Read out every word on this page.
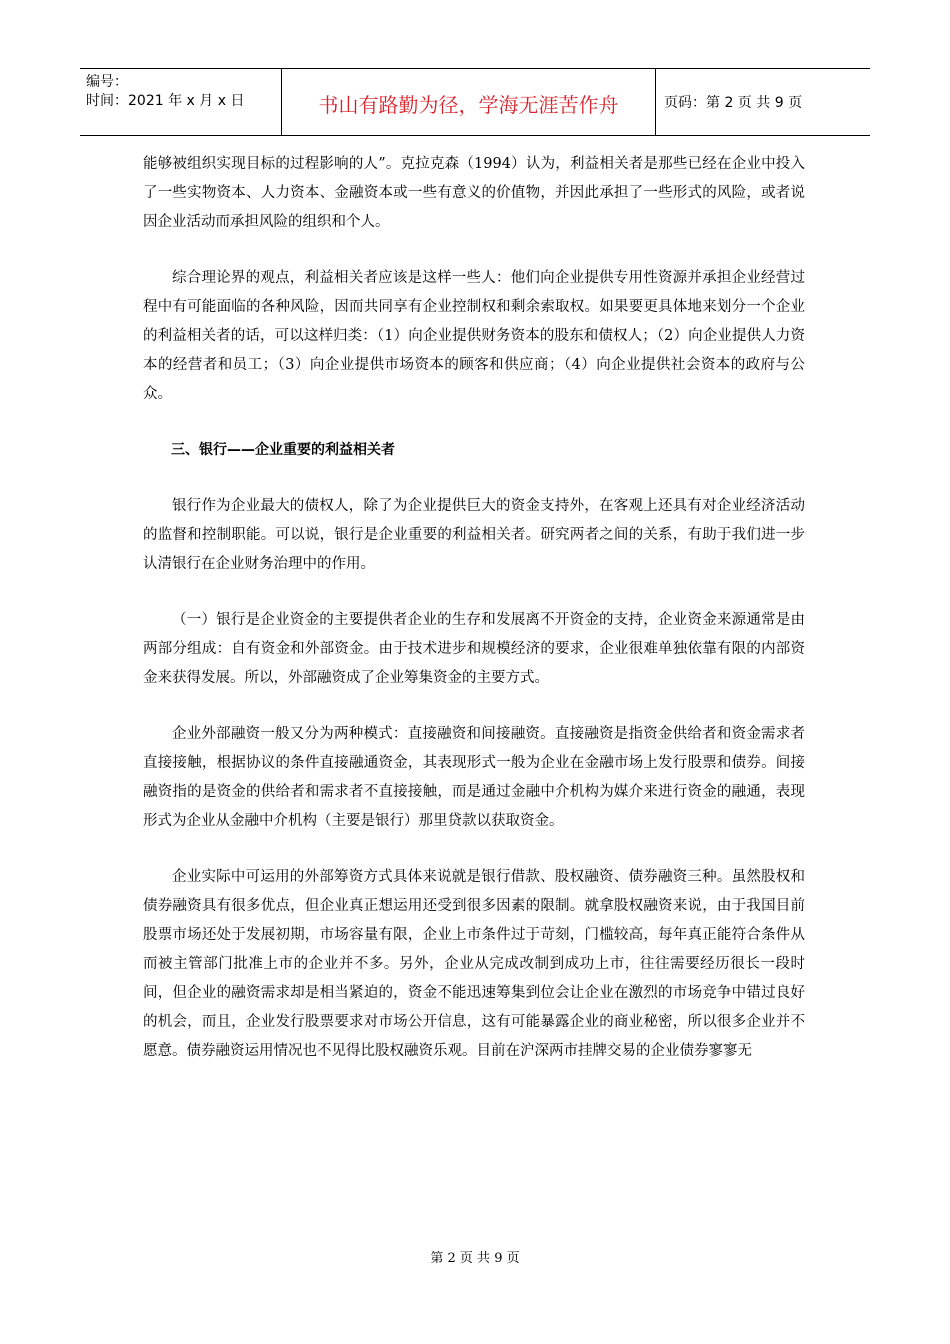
编号：
时间：2021 年 x 月 x 日	书山有路勤为径，学海无涯苦作舟	页码：第 2 页 共 9 页

能够被组织实现目标的过程影响的人”。克拉克森（1994）认为，利益相关者是那些已经在企业中投入了一些实物资本、人力资本、金融资本或一些有意义的价值物，并因此承担了一些形式的风险，或者说因企业活动而承担风险的组织和个人。

综合理论界的观点，利益相关者应该是这样一些人：他们向企业提供专用性资源并承担企业经营过程中有可能面临的各种风险，因而共同享有企业控制权和剩余索取权。如果要更具体地来划分一个企业的利益相关者的话，可以这样归类：（1）向企业提供财务资本的股东和债权人；（2）向企业提供人力资本的经营者和员工；（3）向企业提供市场资本的顾客和供应商；（4）向企业提供社会资本的政府与公众。

三、银行——企业重要的利益相关者

银行作为企业最大的债权人，除了为企业提供巨大的资金支持外，在客观上还具有对企业经济活动的监督和控制职能。可以说，银行是企业重要的利益相关者。研究两者之间的关系，有助于我们进一步认清银行在企业财务治理中的作用。

（一）银行是企业资金的主要提供者企业的生存和发展离不开资金的支持，企业资金来源通常是由两部分组成：自有资金和外部资金。由于技术进步和规模经济的要求，企业很难单独依靠有限的内部资金来获得发展。所以，外部融资成了企业筹集资金的主要方式。

企业外部融资一般又分为两种模式：直接融资和间接融资。直接融资是指资金供给者和资金需求者直接接触，根据协议的条件直接融通资金，其表现形式一般为企业在金融市场上发行股票和债券。间接融资指的是资金的供给者和需求者不直接接触，而是通过金融中介机构为媒介来进行资金的融通，表现形式为企业从金融中介机构（主要是银行）那里贷款以获取资金。

企业实际中可运用的外部筹资方式具体来说就是银行借款、股权融资、债券融资三种。虽然股权和债券融资具有很多优点，但企业真正想运用还受到很多因素的限制。就拿股权融资来说，由于我国目前股票市场还处于发展初期，市场容量有限，企业上市条件过于苛刻，门槛较高，每年真正能符合条件从而被主管部门批准上市的企业并不多。另外，企业从完成改制到成功上市，往往需要经历很长一段时间，但企业的融资需求却是相当紧迫的，资金不能迅速筹集到位会让企业在激烈的市场竞争中错过良好的机会，而且，企业发行股票要求对市场公开信息，这有可能暴露企业的商业秘密，所以很多企业并不愿意。债券融资运用情况也不见得比股权融资乐观。目前在沪深两市挂牌交易的企业债券寥寥无

第 2 页 共 9 页
